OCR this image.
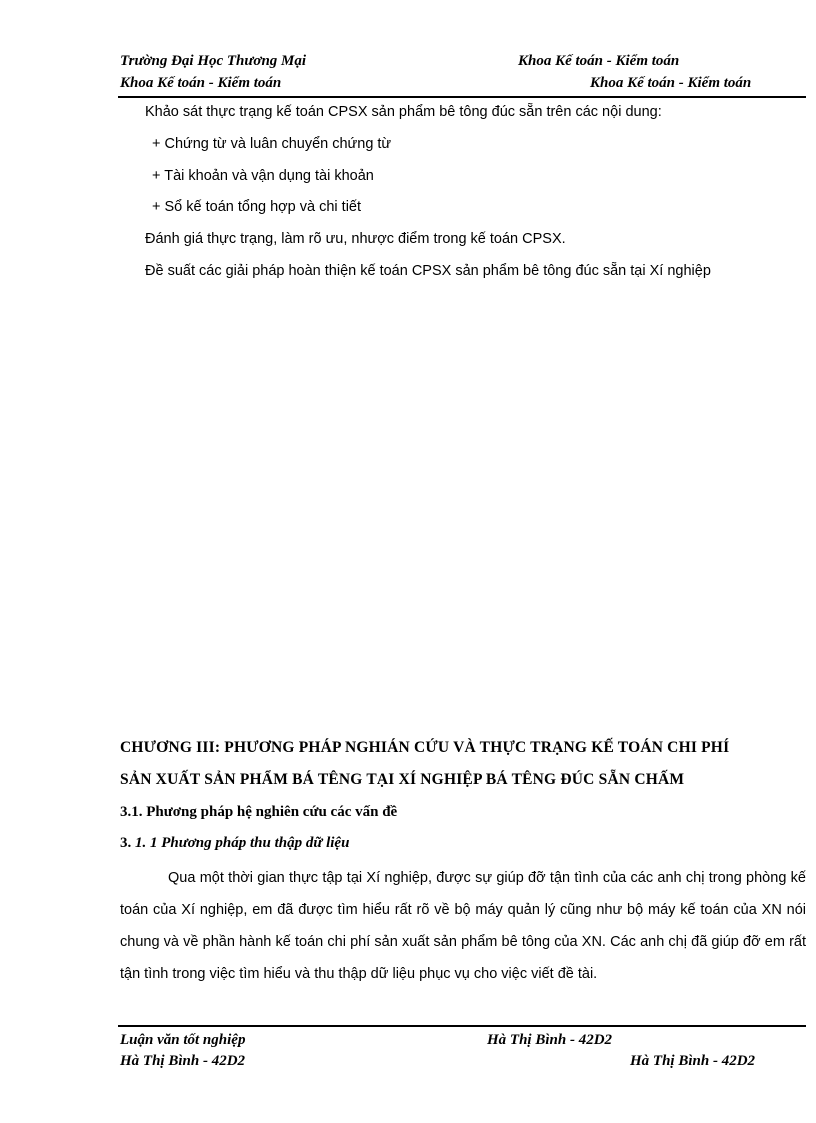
Trường Đại Học Thương Mại	Khoa Kế toán - Kiểm toán
Khoa Kế toán - Kiểm toán	Khoa Kế toán - Kiểm toán
Khảo sát thực trạng kế toán CPSX sản phẩm bê tông đúc sẵn trên các nội dung:
+ Chứng từ và luân chuyển chứng từ
+ Tài khoản và vận dụng tài khoản
+ Sổ kế toán tổng hợp và chi tiết
Đánh giá thực trạng, làm rõ ưu, nhược điểm trong kế toán CPSX.
Đề suất các giải pháp hoàn thiện kế toán CPSX sản phẩm bê tông đúc sẵn tại Xí nghiệp
CHƯƠNG III: PHƯƠNG PHÁP NGHIÁN CỨU VÀ THỰC TRẠNG KẾ TOÁN CHI PHÍ
SẢN XUẤT SẢN PHẨM BÁ TÊNG TẠI XÍ NGHIỆP BÁ TÊNG ĐÚC SẴN CHẤM
3.1. Phương pháp hệ nghiên cứu các vấn đề
3. 1. 1 Phương pháp thu thập dữ liệu
Qua một thời gian thực tập tại Xí nghiệp, được sự giúp đỡ tận tình của các anh chị trong phòng kế toán của Xí nghiệp, em đã được tìm hiểu rất rõ về bộ máy quản lý cũng như bộ máy kế toán của XN nói chung và về phần hành kế toán chi phí sản xuất sản phẩm bê tông của XN. Các anh chị đã giúp đỡ em rất tận tình trong việc tìm hiểu và thu thập dữ liệu phục vụ cho việc viết đề tài.
Luận văn tốt nghiệp	Hà Thị Bình - 42D2
Hà Thị Bình - 42D2	Hà Thị Bình - 42D2
